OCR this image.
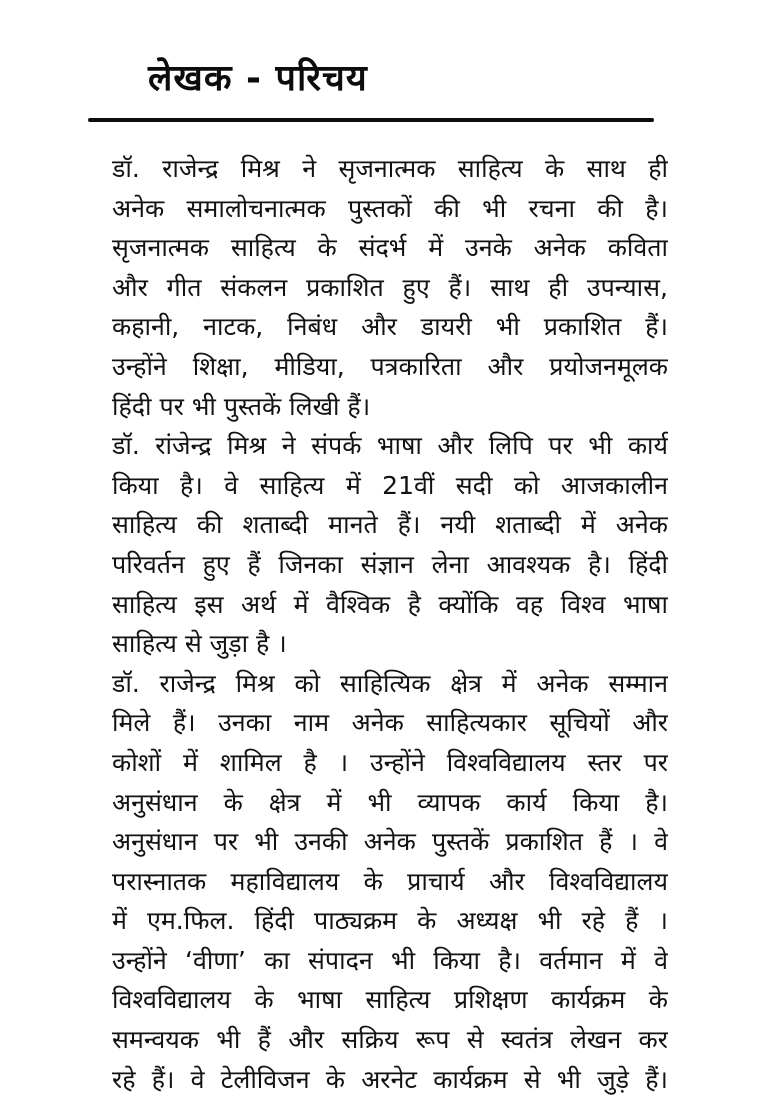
लेखक - परिचय
डॉ. राजेन्द्र मिश्र ने सृजनात्मक साहित्य के साथ ही
अनेक समालोचनात्मक पुस्तकों की भी रचना की है।
सृजनात्मक साहित्य के संदर्भ में उनके अनेक कविता
और गीत संकलन प्रकाशित हुए हैं। साथ ही उपन्यास,
कहानी, नाटक, निबंध और डायरी भी प्रकाशित हैं।
उन्होंने शिक्षा, मीडिया, पत्रकारिता और प्रयोजनमूलक
हिंदी पर भी पुस्तकें लिखी हैं।
डॉ. रांजेन्द्र मिश्र ने संपर्क भाषा और लिपि पर भी कार्य
किया है। वे साहित्य में 21वीं सदी को आजकालीन
साहित्य की शताब्दी मानते हैं। नयी शताब्दी में अनेक
परिवर्तन हुए हैं जिनका संज्ञान लेना आवश्यक है। हिंदी
साहित्य इस अर्थ में वैश्विक है क्योंकि वह विश्व भाषा
साहित्य से जुड़ा है ।
डॉ. राजेन्द्र मिश्र को साहित्यिक क्षेत्र में अनेक सम्मान
मिले हैं। उनका नाम अनेक साहित्यकार सूचियों और
कोशों में शामिल है । उन्होंने विश्वविद्यालय स्तर पर
अनुसंधान के क्षेत्र में भी व्यापक कार्य किया है।
अनुसंधान पर भी उनकी अनेक पुस्तकें प्रकाशित हैं । वे
परास्नातक महाविद्यालय के प्राचार्य और विश्वविद्यालय
में एम.फिल. हिंदी पाठ्यक्रम के अध्यक्ष भी रहे हैं ।
उन्होंने ‘वीणा’ का संपादन भी किया है। वर्तमान में वे
विश्वविद्यालय के भाषा साहित्य प्रशिक्षण कार्यक्रम के
समन्वयक भी हैं और सक्रिय रूप से स्वतंत्र लेखन कर
रहे हैं। वे टेलीविजन के अरनेट कार्यक्रम से भी जुड़े हैं।
